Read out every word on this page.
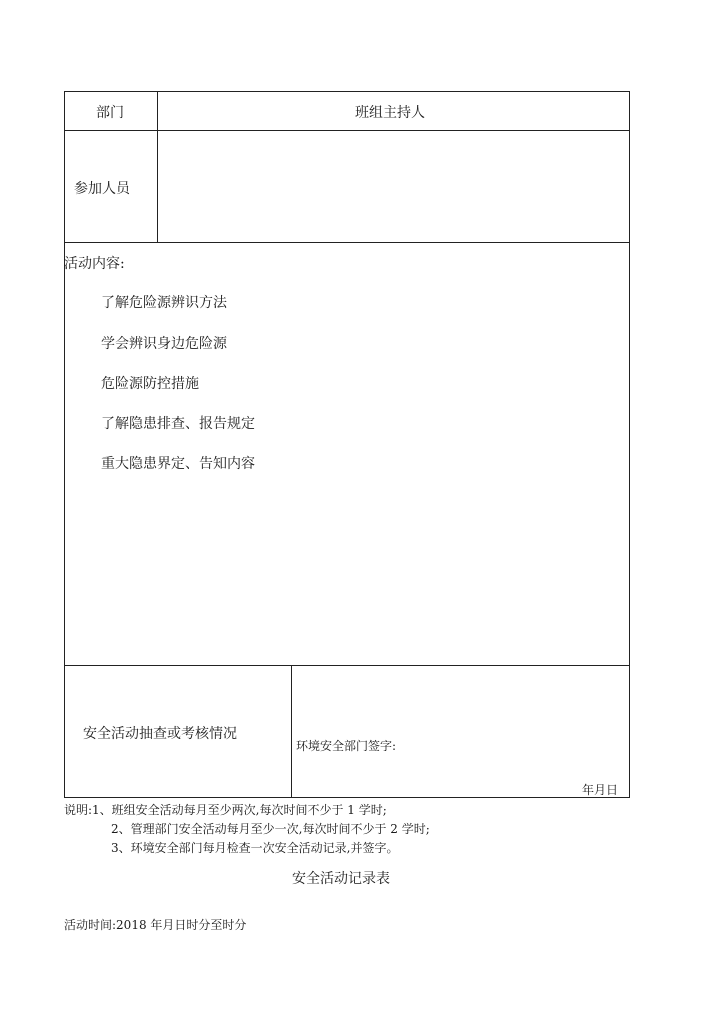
部门	班组主持人
参加人员
活动内容:
了解危险源辨识方法
学会辨识身边危险源
危险源防控措施
了解隐患排查、报告规定
重大隐患界定、告知内容
安全活动抽查或考核情况
环境安全部门签字:
年月日
说明:1、班组安全活动每月至少两次,每次时间不少于 1 学时;
2、管理部门安全活动每月至少一次,每次时间不少于 2 学时;
3、环境安全部门每月检查一次安全活动记录,并签字。
安全活动记录表
活动时间:2018 年月日时分至时分
